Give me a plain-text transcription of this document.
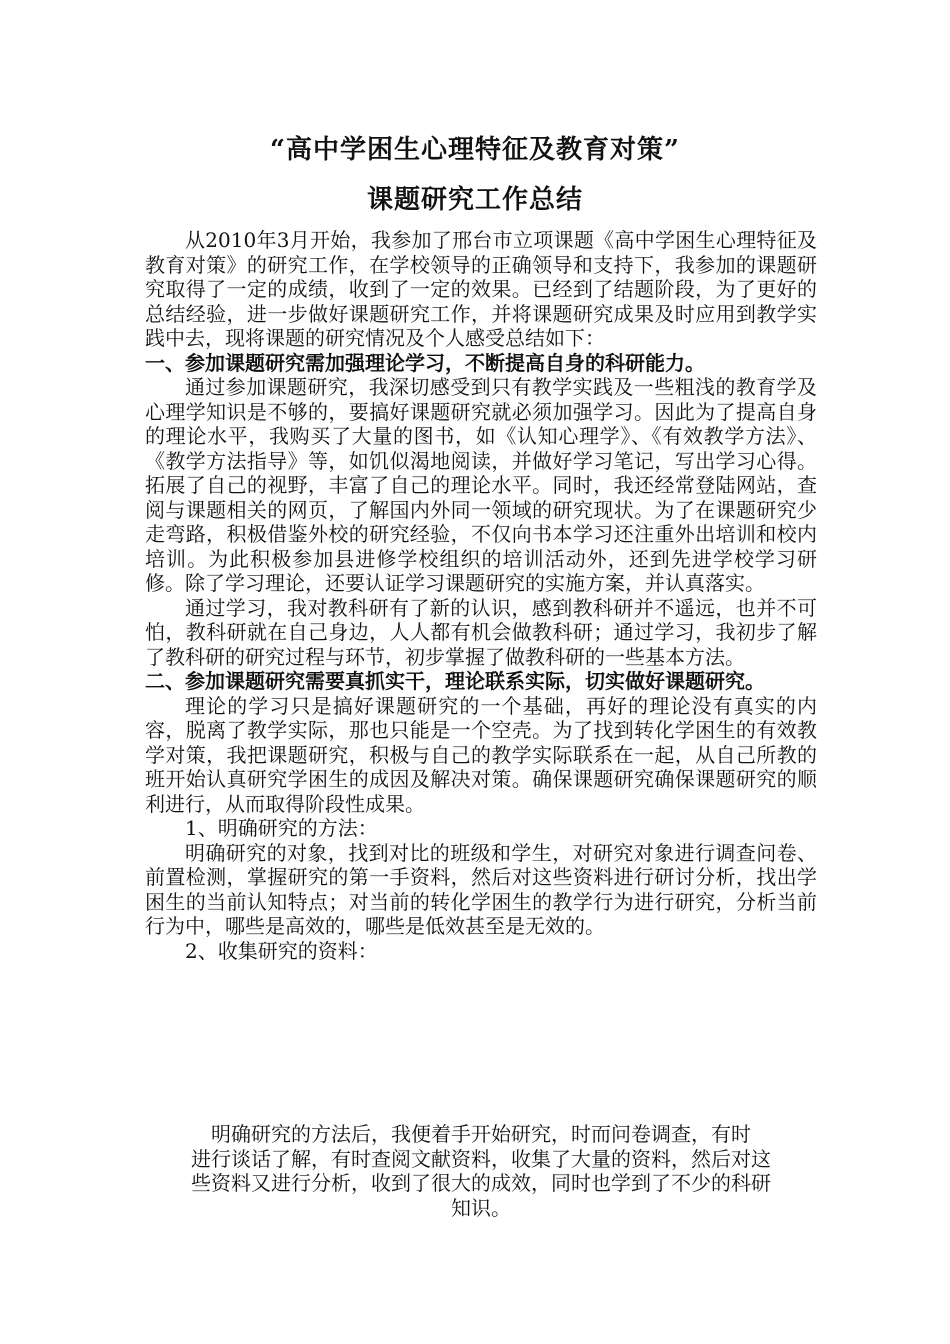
“高中学困生心理特征及教育对策”
课题研究工作总结

从2010年3月开始，我参加了邢台市立项课题《高中学困生心理特征及教育对策》的研究工作，在学校领导的正确领导和支持下，我参加的课题研究取得了一定的成绩，收到了一定的效果。已经到了结题阶段，为了更好的总结经验，进一步做好课题研究工作，并将课题研究成果及时应用到教学实践中去，现将课题的研究情况及个人感受总结如下：

一、参加课题研究需加强理论学习，不断提高自身的科研能力。

通过参加课题研究，我深切感受到只有教学实践及一些粗浅的教育学及心理学知识是不够的，要搞好课题研究就必须加强学习。因此为了提高自身的理论水平，我购买了大量的图书，如《认知心理学》、《有效教学方法》、《教学方法指导》等，如饥似渴地阅读，并做好学习笔记，写出学习心得。拓展了自己的视野，丰富了自己的理论水平。同时，我还经常登陆网站，查阅与课题相关的网页，了解国内外同一领域的研究现状。为了在课题研究少走弯路，积极借鉴外校的研究经验，不仅向书本学习还注重外出培训和校内培训。为此积极参加县进修学校组织的培训活动外，还到先进学校学习研修。除了学习理论，还要认证学习课题研究的实施方案，并认真落实。

通过学习，我对教科研有了新的认识，感到教科研并不遥远，也并不可怕，教科研就在自己身边，人人都有机会做教科研；通过学习，我初步了解了教科研的研究过程与环节，初步掌握了做教科研的一些基本方法。

二、参加课题研究需要真抓实干，理论联系实际，切实做好课题研究。

理论的学习只是搞好课题研究的一个基础，再好的理论没有真实的内容，脱离了教学实际，那也只能是一个空壳。为了找到转化学困生的有效教学对策，我把课题研究，积极与自己的教学实际联系在一起，从自己所教的班开始认真研究学困生的成因及解决对策。确保课题研究确保课题研究的顺利进行，从而取得阶段性成果。

1、明确研究的方法：

明确研究的对象，找到对比的班级和学生，对研究对象进行调查问卷、前置检测，掌握研究的第一手资料，然后对这些资料进行研讨分析，找出学困生的当前认知特点；对当前的转化学困生的教学行为进行研究，分析当前行为中，哪些是高效的，哪些是低效甚至是无效的。

2、收集研究的资料：

明确研究的方法后，我便着手开始研究，时而问卷调查，有时

进行谈话了解，有时查阅文献资料，收集了大量的资料，然后对这

些资料又进行分析，收到了很大的成效，同时也学到了不少的科研

知识。
